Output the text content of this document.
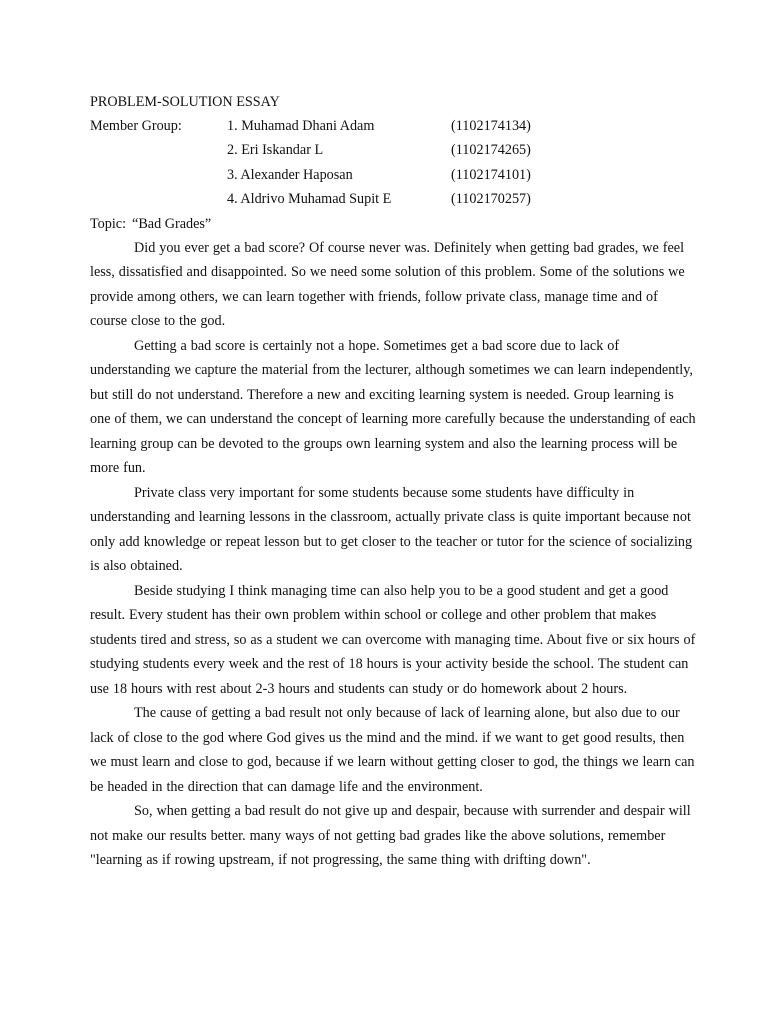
PROBLEM-SOLUTION ESSAY
Member Group:	1. Muhamad Dhani Adam	(1102174134)
2. Eri Iskandar L	(1102174265)
3. Alexander Haposan	(1102174101)
4. Aldrivo Muhamad Supit E	(1102170257)
Topic: “Bad Grades”

Did you ever get a bad score? Of course never was. Definitely when getting bad grades, we feel less, dissatisfied and disappointed. So we need some solution of this problem. Some of the solutions we provide among others, we can learn together with friends, follow private class, manage time and of course close to the god.

Getting a bad score is certainly not a hope. Sometimes get a bad score due to lack of understanding we capture the material from the lecturer, although sometimes we can learn independently, but still do not understand. Therefore a new and exciting learning system is needed. Group learning is one of them, we can understand the concept of learning more carefully because the understanding of each learning group can be devoted to the groups own learning system and also the learning process will be more fun.

Private class very important for some students because some students have difficulty in understanding and learning lessons in the classroom, actually private class is quite important because not only add knowledge or repeat lesson but to get closer to the teacher or tutor for the science of socializing is also obtained.

Beside studying I think managing time can also help you to be a good student and get a good result. Every student has their own problem within school or college and other problem that makes students tired and stress, so as a student we can overcome with managing time. About five or six hours of studying students every week and the rest of 18 hours is your activity beside the school. The student can use 18 hours with rest about 2-3 hours and students can study or do homework about 2 hours.

The cause of getting a bad result not only because of lack of learning alone, but also due to our lack of close to the god where God gives us the mind and the mind. if we want to get good results, then we must learn and close to god, because if we learn without getting closer to god, the things we learn can be headed in the direction that can damage life and the environment.

So, when getting a bad result do not give up and despair, because with surrender and despair will not make our results better. many ways of not getting bad grades like the above solutions, remember "learning as if rowing upstream, if not progressing, the same thing with drifting down".
